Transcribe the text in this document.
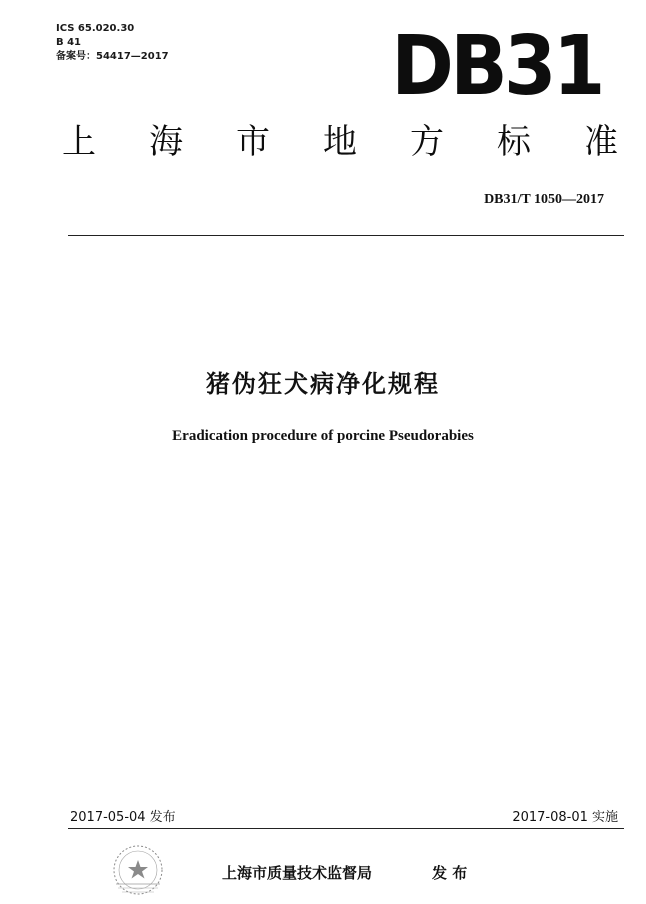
ICS 65.020.30
B 41
备案号：54417—2017	DB31
上 海 市 地 方 标 准
DB31/T 1050—2017
猪伪狂犬病净化规程
Eradication procedure of porcine Pseudorabies
2017-05-04 发布	2017-08-01 实施
上海市质量技术监督局	发 布
